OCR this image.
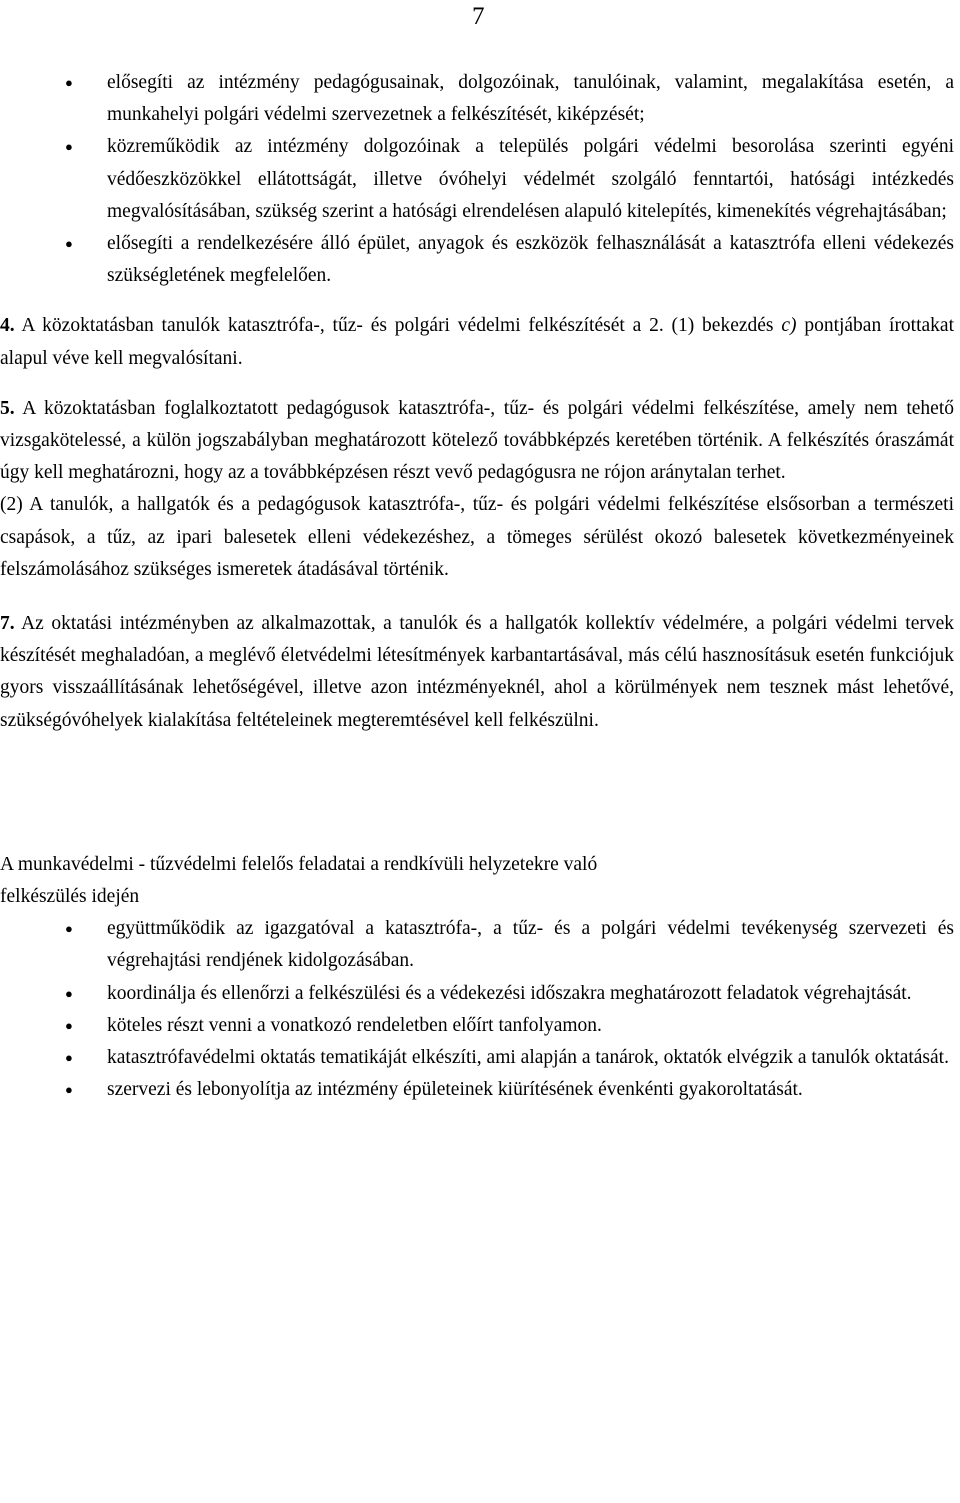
7
● elősegíti az intézmény pedagógusainak, dolgozóinak, tanulóinak, valamint, megalakítása esetén, a munkahelyi polgári védelmi szervezetnek a felkészítését, kiképzését;
● közreműködik az intézmény dolgozóinak a település polgári védelmi besorolása szerinti egyéni védőeszközökkel ellátottságát, illetve óvóhelyi védelmét szolgáló fenntartói, hatósági intézkedés megvalósításában, szükség szerint a hatósági elrendelésen alapuló kitelepítés, kimenekítés végrehajtásában;
● elősegíti a rendelkezésére álló épület, anyagok és eszközök felhasználását a katasztrófa elleni védekezés szükségletének megfelelően.

4. A közoktatásban tanulók katasztrófa-, tűz- és polgári védelmi felkészítését a 2. (1) bekezdés c) pontjában írottakat alapul véve kell megvalósítani.

5. A közoktatásban foglalkoztatott pedagógusok katasztrófa-, tűz- és polgári védelmi felkészítése, amely nem tehető vizsgakötelessé, a külön jogszabályban meghatározott kötelező továbbképzés keretében történik. A felkészítés óraszámát úgy kell meghatározni, hogy az a továbbképzésen részt vevő pedagógusra ne rójon aránytalan terhet.

(2) A tanulók, a hallgatók és a pedagógusok katasztrófa-, tűz- és polgári védelmi felkészítése elsősorban a természeti csapások, a tűz, az ipari balesetek elleni védekezéshez, a tömeges sérülést okozó balesetek következményeinek felszámolásához szükséges ismeretek átadásával történik.

7. Az oktatási intézményben az alkalmazottak, a tanulók és a hallgatók kollektív védelmére, a polgári védelmi tervek készítését meghaladóan, a meglévő életvédelmi létesítmények karbantartásával, más célú hasznosításuk esetén funkciójuk gyors visszaállításának lehetőségével, illetve azon intézményeknél, ahol a körülmények nem tesznek mást lehetővé, szükségóvóhelyek kialakítása feltételeinek megteremtésével kell felkészülni.

A munkavédelmi - tűzvédelmi felelős feladatai a rendkívüli helyzetekre való
felkészülés idején

● együttműködik az igazgatóval a katasztrófa-, a tűz- és a polgári védelmi tevékenység szervezeti és végrehajtási rendjének kidolgozásában.
● koordinálja és ellenőrzi a felkészülési és a védekezési időszakra meghatározott feladatok végrehajtását.
● köteles részt venni a vonatkozó rendeletben előírt tanfolyamon.
● katasztrófavédelmi oktatás tematikáját elkészíti, ami alapján a tanárok, oktatók elvégzik a tanulók oktatását.
● szervezi és lebonyolítja az intézmény épületeinek kiürítésének évenkénti gyakoroltatását.
